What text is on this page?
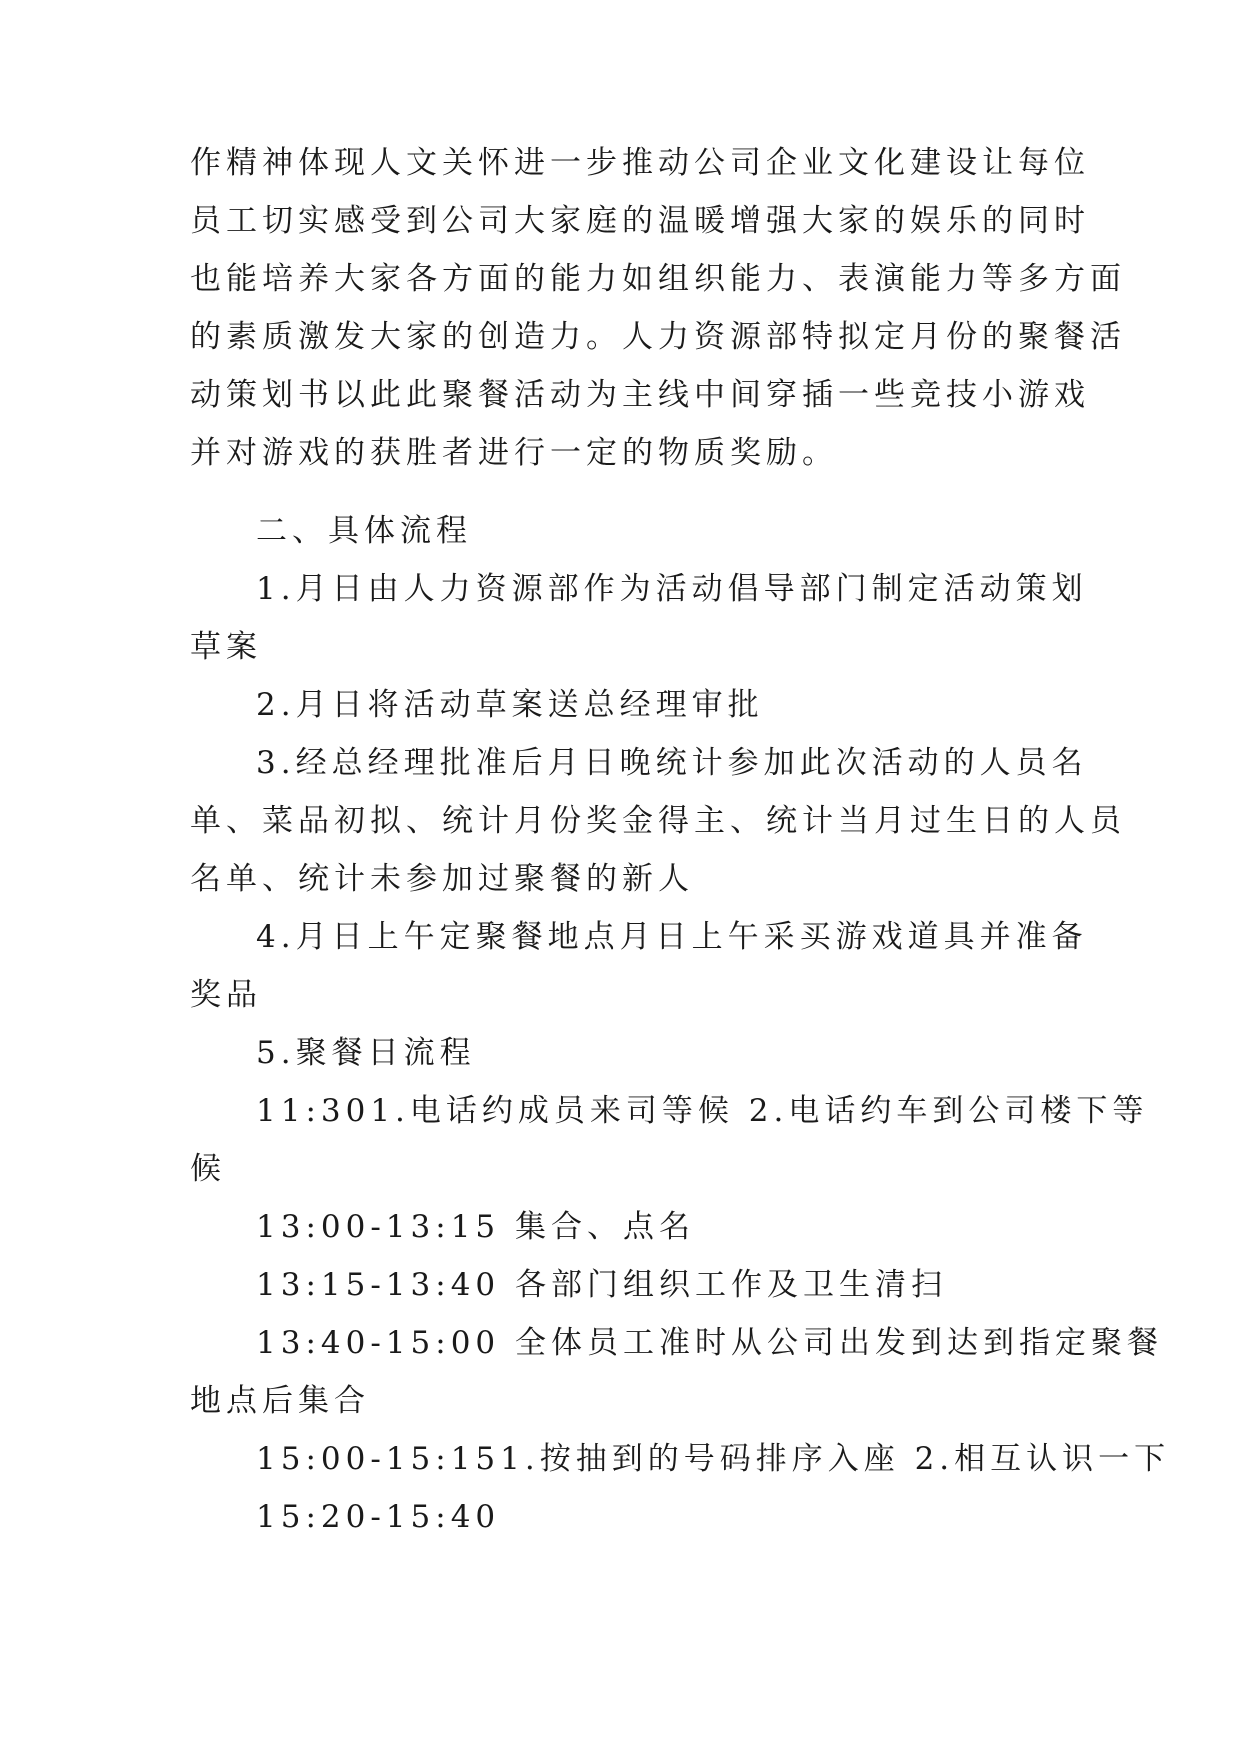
作精神体现人文关怀进一步推动公司企业文化建设让每位
员工切实感受到公司大家庭的温暖增强大家的娱乐的同时
也能培养大家各方面的能力如组织能力、表演能力等多方面
的素质激发大家的创造力。人力资源部特拟定月份的聚餐活
动策划书以此此聚餐活动为主线中间穿插一些竞技小游戏
并对游戏的获胜者进行一定的物质奖励。
二、具体流程
1.月日由人力资源部作为活动倡导部门制定活动策划
草案
2.月日将活动草案送总经理审批
3.经总经理批准后月日晚统计参加此次活动的人员名
单、菜品初拟、统计月份奖金得主、统计当月过生日的人员
名单、统计未参加过聚餐的新人
4.月日上午定聚餐地点月日上午采买游戏道具并准备
奖品
5.聚餐日流程
11:301.电话约成员来司等候 2.电话约车到公司楼下等
候
13:00-13:15 集合、点名
13:15-13:40 各部门组织工作及卫生清扫
13:40-15:00 全体员工准时从公司出发到达到指定聚餐
地点后集合
15:00-15:151.按抽到的号码排序入座 2.相互认识一下
15:20-15:40
